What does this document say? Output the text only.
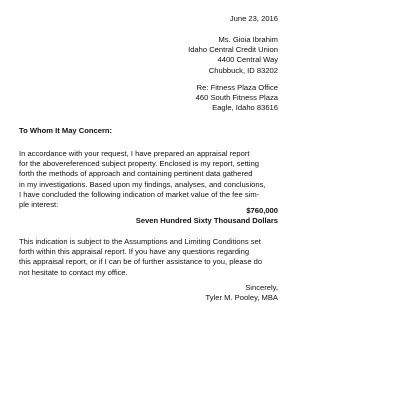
June 23, 2016
Ms. Gioia Ibrahim
Idaho Central Credit Union
4400 Central Way
Chubbuck, ID 83202
Re: Fitness Plaza Office
460 South Fitness Plaza
Eagle, Idaho 83616
To Whom It May Concern:
In accordance with your request, I have prepared an appraisal report
for the abovereferenced subject property. Enclosed is my report, setting
forth the methods of approach and containing pertinent data gathered
in my investigations. Based upon my findings, analyses, and conclusions,
I have concluded the following indication of market value of the fee sim-
ple interest:
$760,000
Seven Hundred Sixty Thousand Dollars
This indication is subject to the Assumptions and Limiting Conditions set
forth within this appraisal report. If you have any questions regarding
this appraisal report, or if I can be of further assistance to you, please do
not hesitate to contact my office.
Sincerely,
Tyler M. Pooley, MBA
